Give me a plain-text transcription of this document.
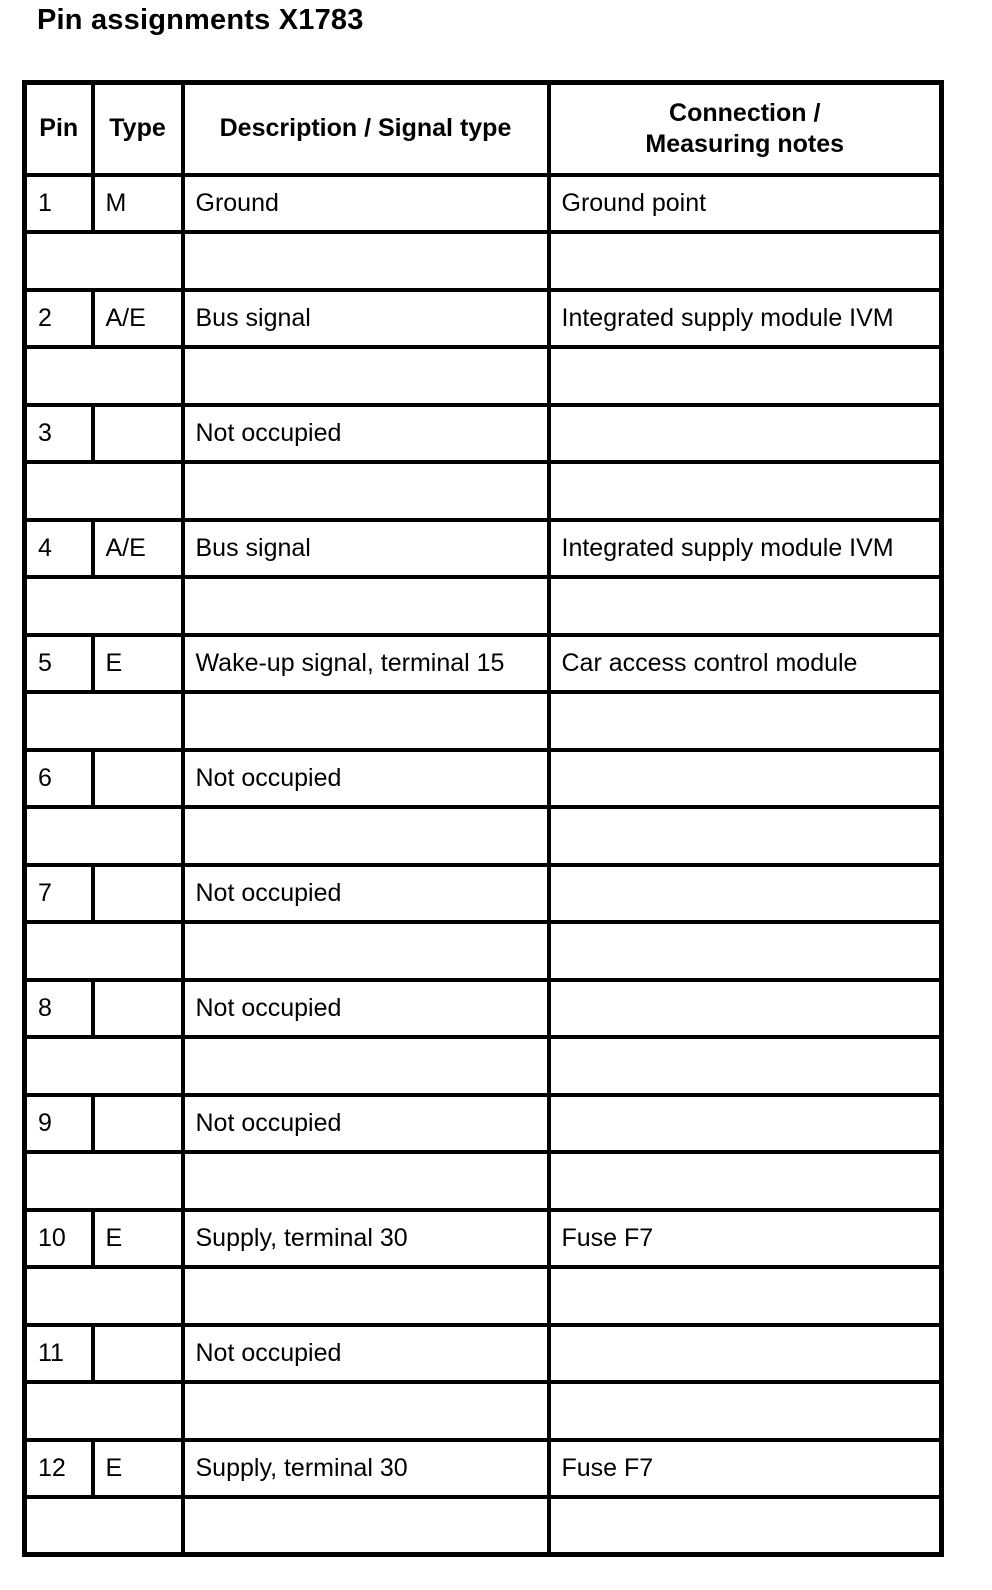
Pin assignments X1783
Pin	Type	Description / Signal type	Connection /
Measuring notes
1	M	Ground	Ground point

2	A/E	Bus signal	Integrated supply module IVM

3		Not occupied	

4	A/E	Bus signal	Integrated supply module IVM

5	E	Wake-up signal, terminal 15	Car access control module

6		Not occupied	

7		Not occupied	

8		Not occupied	

9		Not occupied	

10	E	Supply, terminal 30	Fuse F7

11		Not occupied	

12	E	Supply, terminal 30	Fuse F7
